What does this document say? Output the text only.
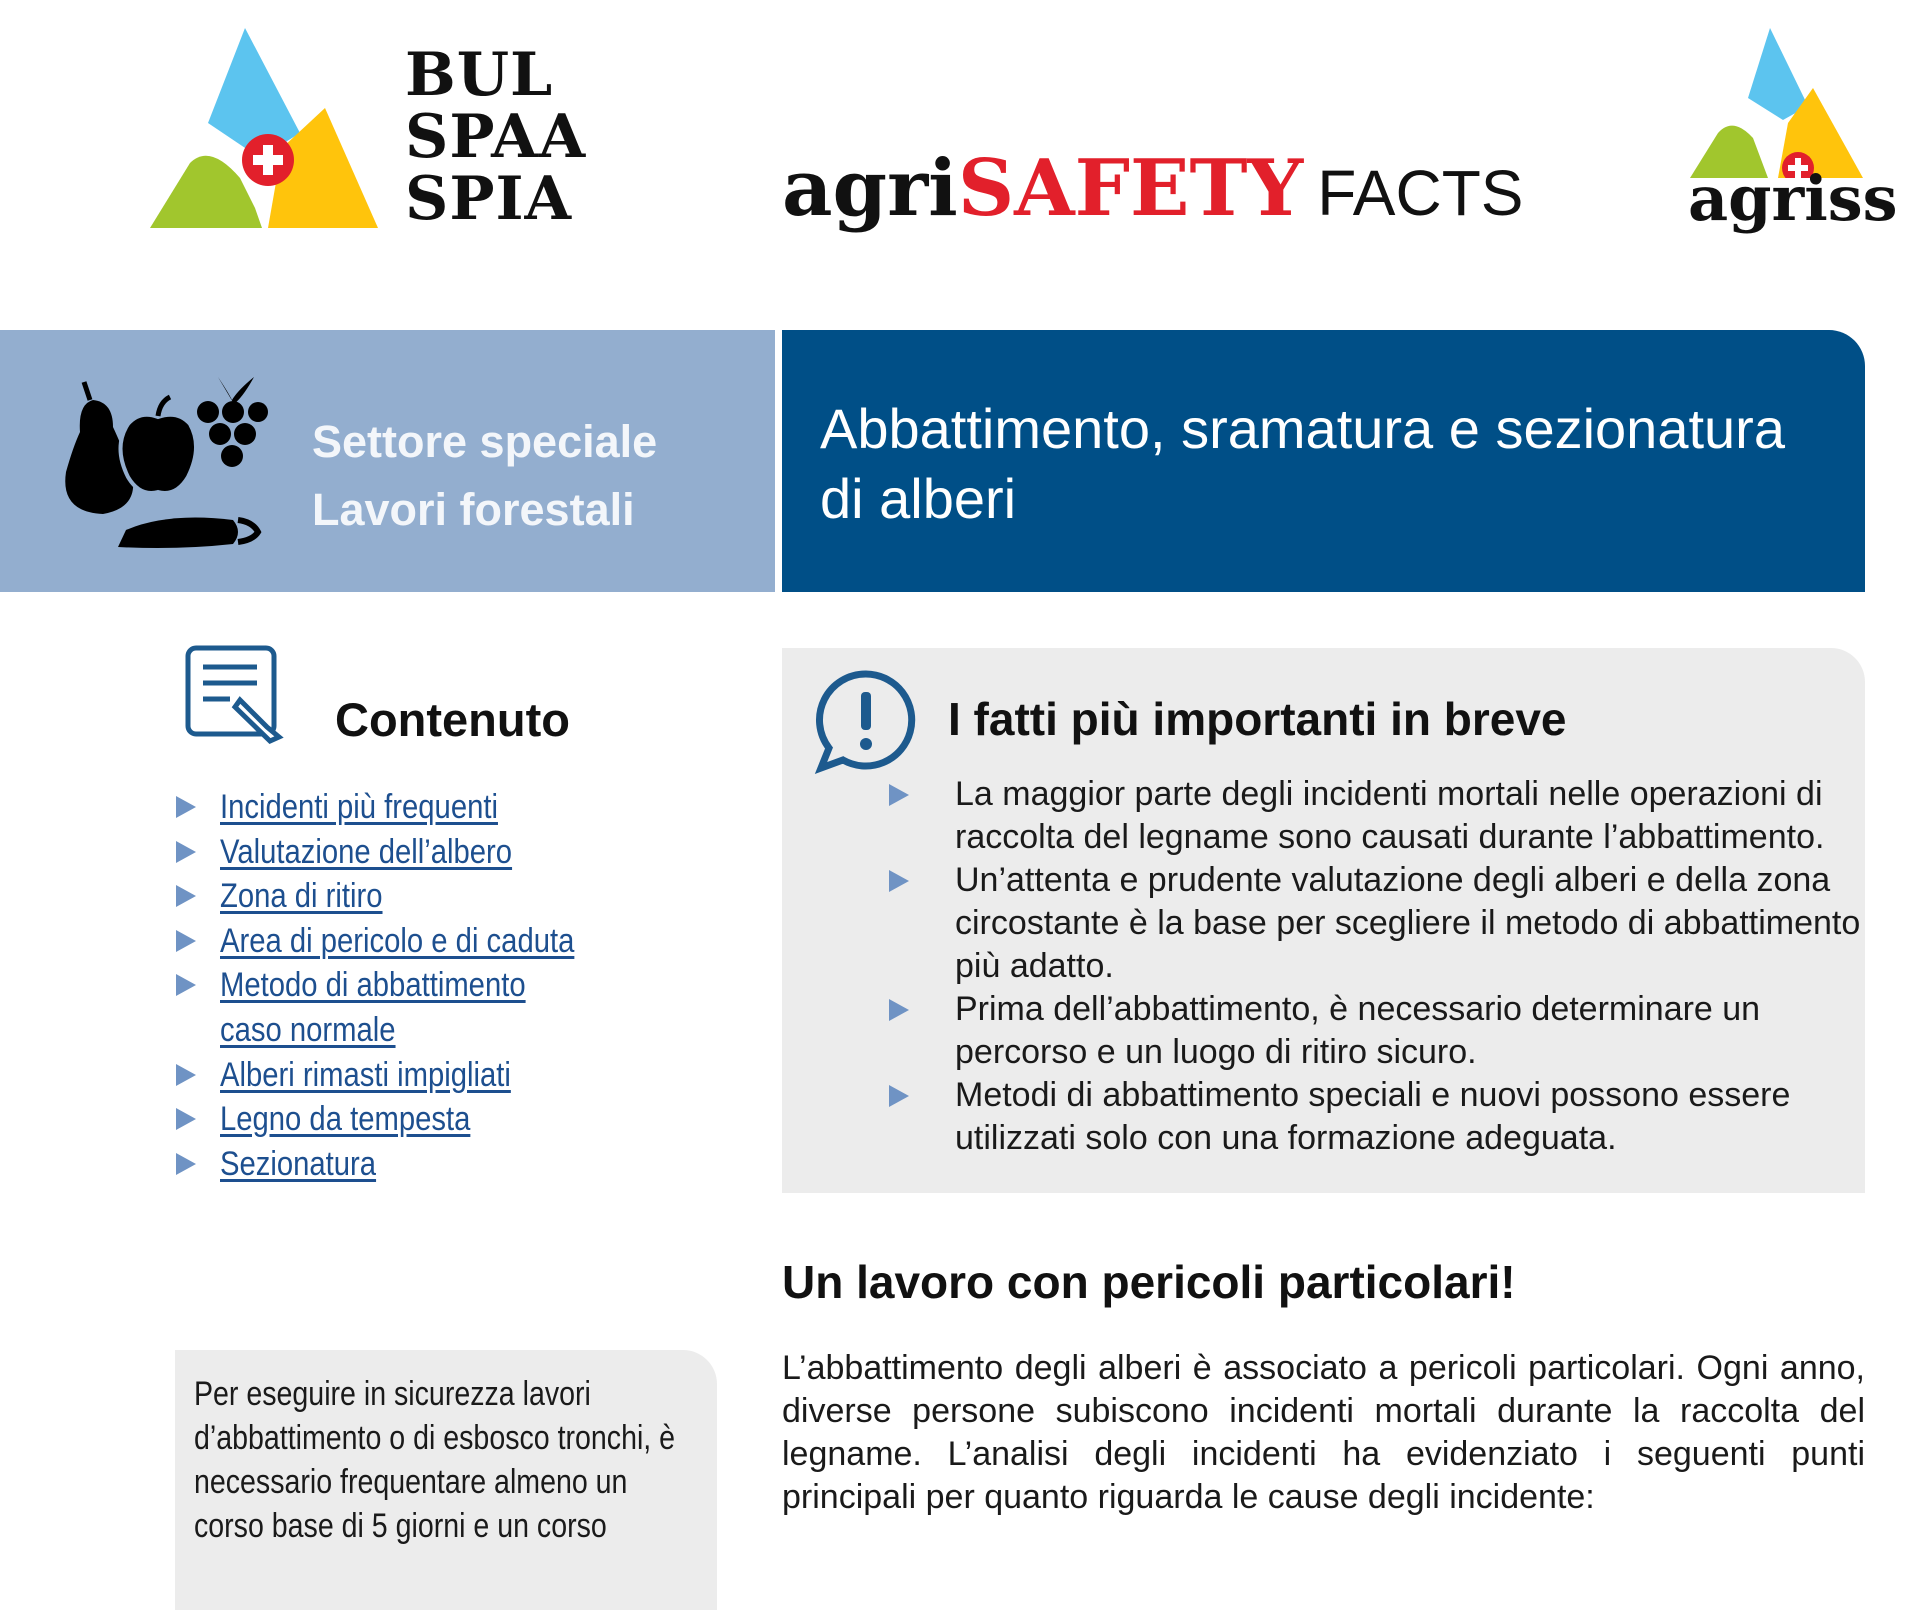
BUL
SPAA
SPIA	agriSAFETY FACTS	agriss
Settore speciale
Lavori forestali
Abbattimento, sramatura e sezionatura di alberi
Contenuto
Incidenti più frequenti
Valutazione dell’albero
Zona di ritiro
Area di pericolo e di caduta
Metodo di abbattimento
caso normale
Alberi rimasti impigliati
Legno da tempesta
Sezionatura
Per eseguire in sicurezza lavori d’abbattimento o di esbosco tronchi, è necessario frequentare almeno un corso base di 5 giorni e un corso
I fatti più importanti in breve
La maggior parte degli incidenti mortali nelle operazioni di raccolta del legname sono causati durante l’abbattimento.
Un’attenta e prudente valutazione degli alberi e della zona circostante è la base per scegliere il metodo di abbattimento più adatto.
Prima dell’abbattimento, è necessario determinare un percorso e un luogo di ritiro sicuro.
Metodi di abbattimento speciali e nuovi possono essere utilizzati solo con una formazione adeguata.
Un lavoro con pericoli particolari!
L’abbattimento degli alberi è associato a pericoli particolari. Ogni anno, diverse persone subiscono incidenti mortali durante la raccolta del legname. L’analisi degli incidenti ha evidenziato i seguenti punti principali per quanto riguarda le cause degli incidente:
